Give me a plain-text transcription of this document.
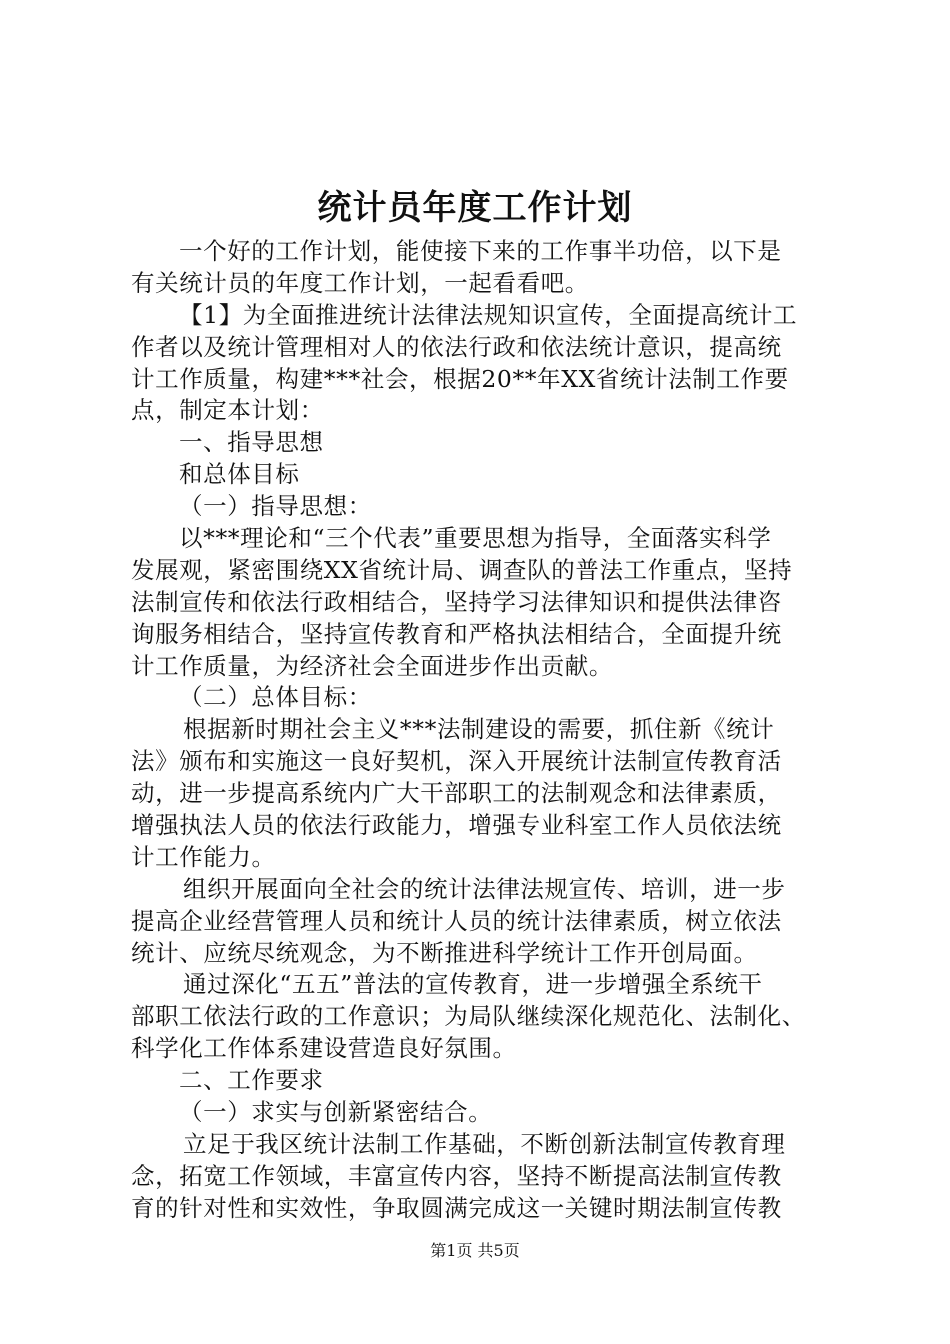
统计员年度工作计划
一个好的工作计划，能使接下来的工作事半功倍，以下是
有关统计员的年度工作计划，一起看看吧。
【1】为全面推进统计法律法规知识宣传，全面提高统计工
作者以及统计管理相对人的依法行政和依法统计意识，提高统
计工作质量，构建***社会，根据20**年XX省统计法制工作要
点，制定本计划：
一、指导思想
和总体目标
（一）指导思想：
以***理论和“三个代表”重要思想为指导，全面落实科学
发展观，紧密围绕XX省统计局、调查队的普法工作重点，坚持
法制宣传和依法行政相结合，坚持学习法律知识和提供法律咨
询服务相结合，坚持宣传教育和严格执法相结合，全面提升统
计工作质量，为经济社会全面进步作出贡献。
（二）总体目标：
根据新时期社会主义***法制建设的需要，抓住新《统计
法》颁布和实施这一良好契机，深入开展统计法制宣传教育活
动，进一步提高系统内广大干部职工的法制观念和法律素质，
增强执法人员的依法行政能力，增强专业科室工作人员依法统
计工作能力。
组织开展面向全社会的统计法律法规宣传、培训，进一步
提高企业经营管理人员和统计人员的统计法律素质，树立依法
统计、应统尽统观念，为不断推进科学统计工作开创局面。
通过深化“五五”普法的宣传教育，进一步增强全系统干
部职工依法行政的工作意识；为局队继续深化规范化、法制化、
科学化工作体系建设营造良好氛围。
二、工作要求
（一）求实与创新紧密结合。
立足于我区统计法制工作基础，不断创新法制宣传教育理
念，拓宽工作领域，丰富宣传内容，坚持不断提高法制宣传教
育的针对性和实效性，争取圆满完成这一关键时期法制宣传教
第1页 共5页
